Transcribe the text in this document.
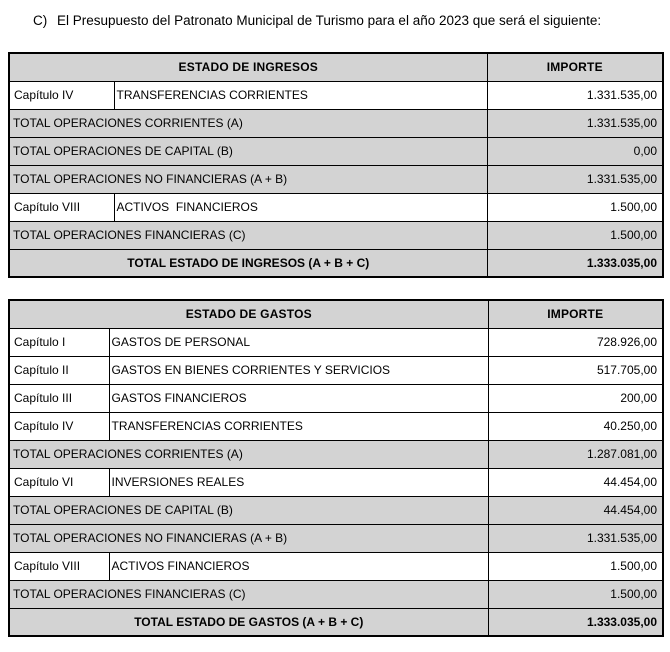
C) El Presupuesto del Patronato Municipal de Turismo para el año 2023 que será el siguiente:
ESTADO DE INGRESOS		IMPORTE
Capítulo IV	TRANSFERENCIAS CORRIENTES	1.331.535,00
TOTAL OPERACIONES CORRIENTES (A)		1.331.535,00
TOTAL OPERACIONES DE CAPITAL (B)		0,00
TOTAL OPERACIONES NO FINANCIERAS (A + B)		1.331.535,00
Capítulo VIII	ACTIVOS  FINANCIEROS	1.500,00
TOTAL OPERACIONES FINANCIERAS (C)		1.500,00
TOTAL ESTADO DE INGRESOS (A + B + C)		1.333.035,00
ESTADO DE GASTOS		IMPORTE
Capítulo I	GASTOS DE PERSONAL	728.926,00
Capítulo II	GASTOS EN BIENES CORRIENTES Y SERVICIOS	517.705,00
Capítulo III	GASTOS FINANCIEROS	200,00
Capítulo IV	TRANSFERENCIAS CORRIENTES	40.250,00
TOTAL OPERACIONES CORRIENTES (A)		1.287.081,00
Capítulo VI	INVERSIONES REALES	44.454,00
TOTAL OPERACIONES DE CAPITAL (B)		44.454,00
TOTAL OPERACIONES NO FINANCIERAS (A + B)		1.331.535,00
Capítulo VIII	ACTIVOS FINANCIEROS	1.500,00
TOTAL OPERACIONES FINANCIERAS (C)		1.500,00
TOTAL ESTADO DE GASTOS (A + B + C)		1.333.035,00
